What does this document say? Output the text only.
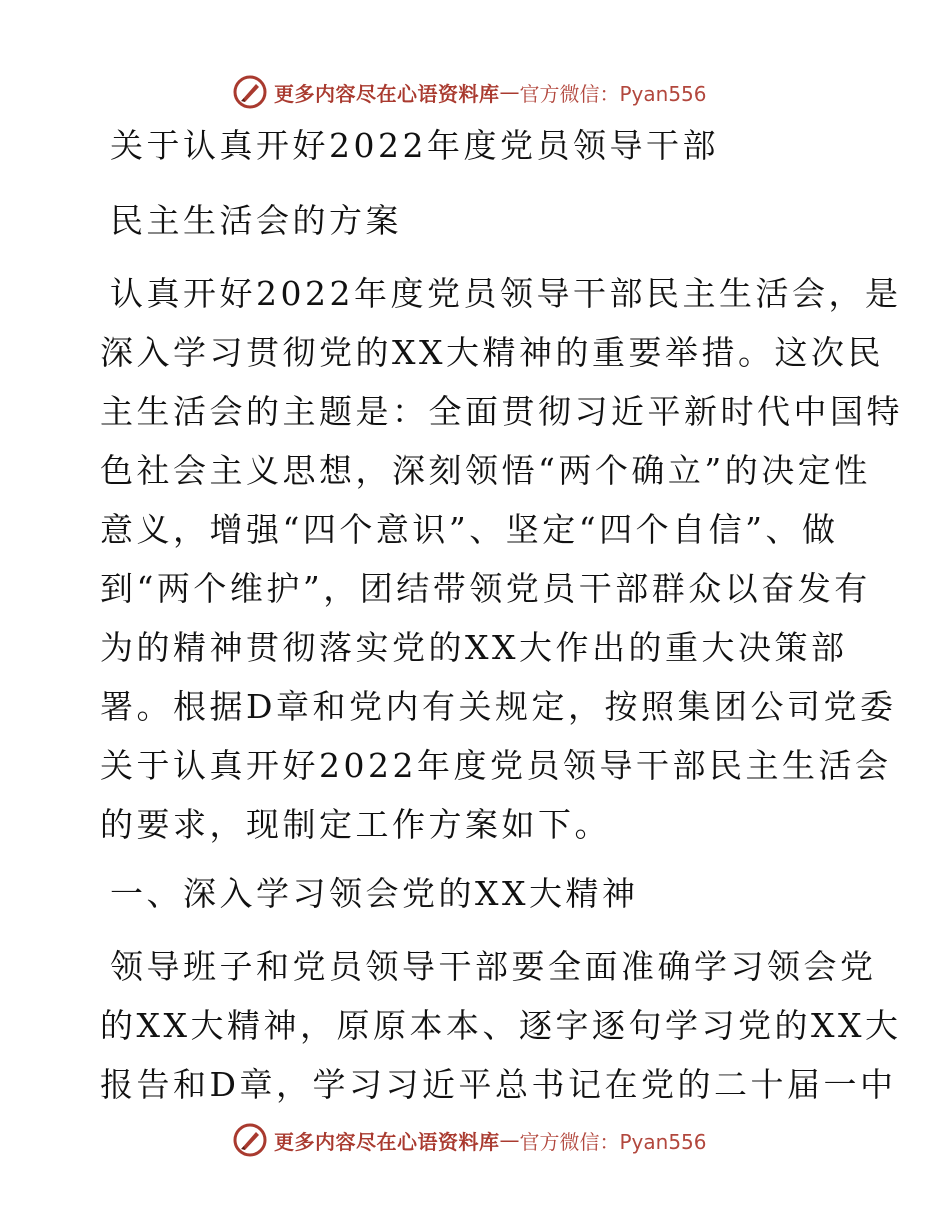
更多内容尽在心语资料库 — 官方微信：Pyan556
关于认真开好2022年度党员领导干部
民主生活会的方案
认真开好2022年度党员领导干部民主生活会，是
深入学习贯彻党的XX大精神的重要举措。这次民
主生活会的主题是：全面贯彻习近平新时代中国特
色社会主义思想，深刻领悟“两个确立”的决定性
意义，增强“四个意识”、坚定“四个自信”、做
到“两个维护”，团结带领党员干部群众以奋发有
为的精神贯彻落实党的XX大作出的重大决策部
署。根据D章和党内有关规定，按照集团公司党委
关于认真开好2022年度党员领导干部民主生活会
的要求，现制定工作方案如下。
一、深入学习领会党的XX大精神
领导班子和党员领导干部要全面准确学习领会党
的XX大精神，原原本本、逐字逐句学习党的XX大
报告和D章，学习习近平总书记在党的二十届一中
更多内容尽在心语资料库 — 官方微信：Pyan556
